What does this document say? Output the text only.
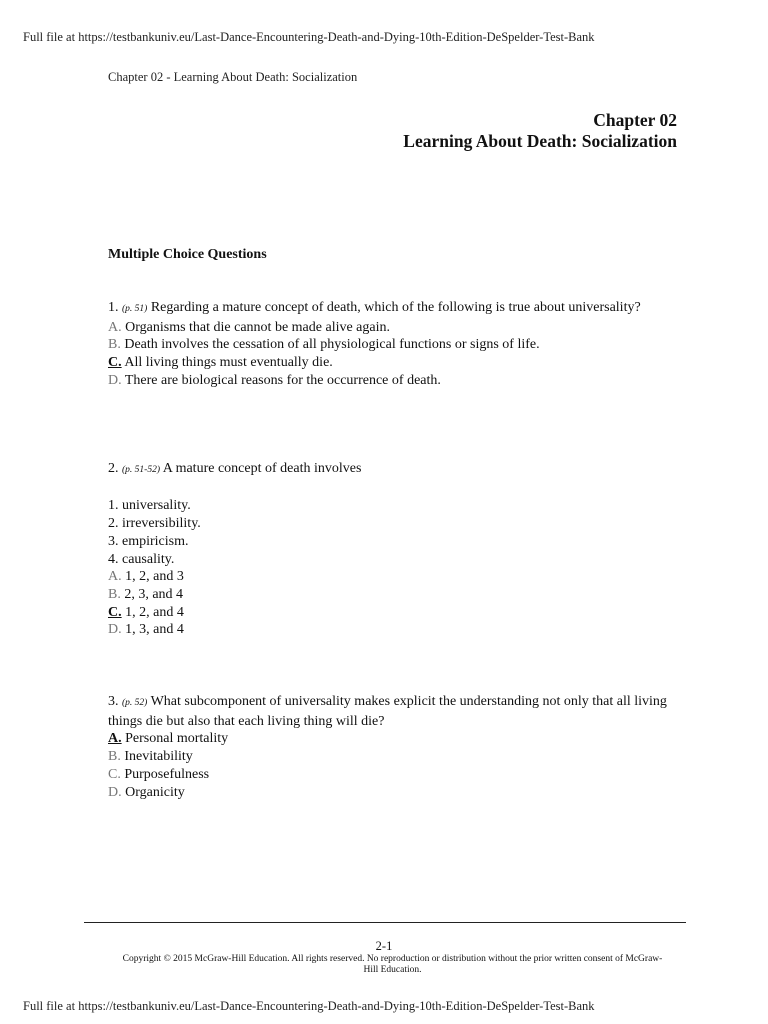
Full file at https://testbankuniv.eu/Last-Dance-Encountering-Death-and-Dying-10th-Edition-DeSpelder-Test-Bank
Chapter 02 - Learning About Death: Socialization
Chapter 02
Learning About Death: Socialization
Multiple Choice Questions
1. (p. 51) Regarding a mature concept of death, which of the following is true about universality?
A. Organisms that die cannot be made alive again.
B. Death involves the cessation of all physiological functions or signs of life.
C. All living things must eventually die.
D. There are biological reasons for the occurrence of death.
2. (p. 51-52) A mature concept of death involves
1. universality.
2. irreversibility.
3. empiricism.
4. causality.
A. 1, 2, and 3
B. 2, 3, and 4
C. 1, 2, and 4
D. 1, 3, and 4
3. (p. 52) What subcomponent of universality makes explicit the understanding not only that all living things die but also that each living thing will die?
A. Personal mortality
B. Inevitability
C. Purposefulness
D. Organicity
2-1
Copyright © 2015 McGraw-Hill Education. All rights reserved. No reproduction or distribution without the prior written consent of McGraw-Hill Education.
Full file at https://testbankuniv.eu/Last-Dance-Encountering-Death-and-Dying-10th-Edition-DeSpelder-Test-Bank
